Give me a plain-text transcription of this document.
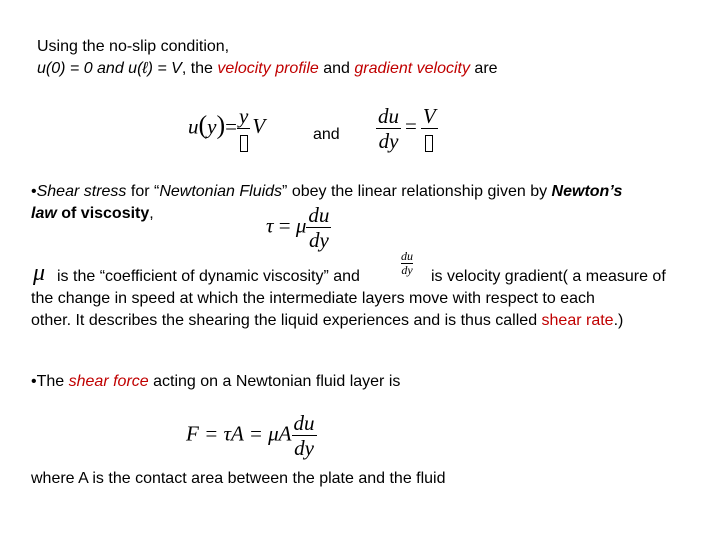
Using the no-slip condition,
u(0) = 0 and u(ℓ) = V, the velocity profile and gradient velocity are
u(y)= y V	and $\frac{du}{dy} = V$
•Shear stress for “Newtonian Fluids” obey the linear relationship given by Newton’s
law of viscosity,	τ = μ $\frac{du}{dy}$
μ is the “coefficient of dynamic viscosity” and	$\frac{du}{dy}$ is velocity gradient( a measure of
the change in speed at which the intermediate layers move with respect to each
other. It describes the shearing the liquid experiences and is thus called shear rate.)
•The shear force acting on a Newtonian fluid layer is
F = τA = μA $\frac{du}{dy}$
where A is the contact area between the plate and the fluid
